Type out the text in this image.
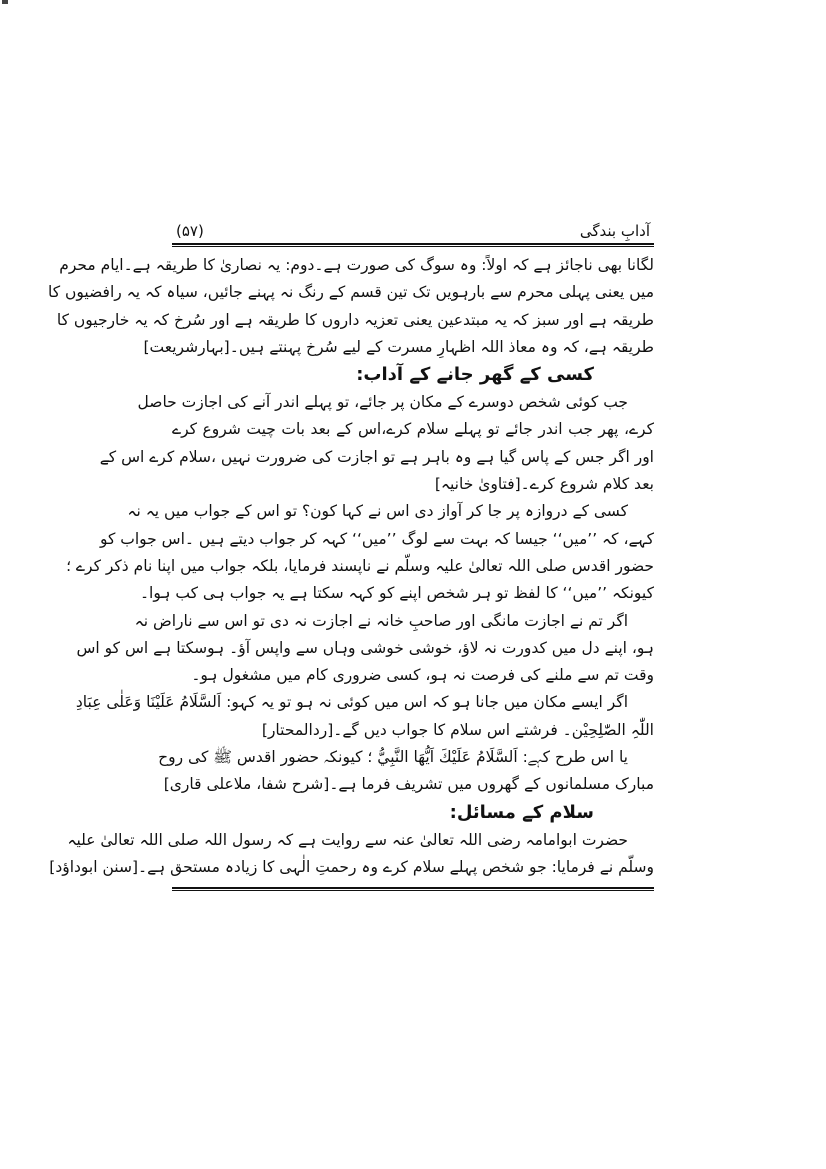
آدابِ بندگی
(۵۷)
لگانا بھی ناجائز ہے کہ اولاً: وہ سوگ کی صورت ہے۔دوم: یہ نصاریٰ کا طریقہ ہے۔ایام محرم
میں یعنی پہلی محرم سے بارہویں تک تین قسم کے رنگ نہ پہنے جائیں، سیاہ کہ یہ رافضیوں کا
طریقہ ہے اور سبز کہ یہ مبتدعین یعنی تعزیہ داروں کا طریقہ ہے اور سُرخ کہ یہ خارجیوں کا
طریقہ ہے، کہ وہ معاذ اللہ اظہارِ مسرت کے لیے سُرخ پہنتے ہیں۔[بہارشریعت]
کسی کے گھر جانے کے آداب:
جب کوئی شخص دوسرے کے مکان پر جائے، تو پہلے اندر آنے کی اجازت حاصل
کرے، پھر جب اندر جائے تو پہلے سلام کرے،اس کے بعد بات چیت شروع کرے
اور اگر جس کے پاس گیا ہے وہ باہر ہے تو اجازت کی ضرورت نہیں ،سلام کرے اس کے
بعد کلام شروع کرے۔[فتاویٰ خانیہ]
کسی کے دروازہ پر جا کر آواز دی اس نے کہا کون؟ تو اس کے جواب میں یہ نہ
کہے، کہ ’’میں‘‘ جیسا کہ بہت سے لوگ ’’میں‘‘ کہہ کر جواب دیتے ہیں ۔اس جواب کو
حضور اقدس صلی اللہ تعالیٰ علیہ وسلّم نے ناپسند فرمایا، بلکہ جواب میں اپنا نام ذکر کرے ؛
کیونکہ ’’میں‘‘ کا لفظ تو ہر شخص اپنے کو کہہ سکتا ہے یہ جواب ہی کب ہوا۔
اگر تم نے اجازت مانگی اور صاحبِ خانہ نے اجازت نہ دی تو اس سے ناراض نہ
ہو، اپنے دل میں کدورت نہ لاؤ، خوشی خوشی وہاں سے واپس آؤ۔ ہوسکتا ہے اس کو اس
وقت تم سے ملنے کی فرصت نہ ہو، کسی ضروری کام میں مشغول ہو۔
اگر ایسے مکان میں جانا ہو کہ اس میں کوئی نہ ہو تو یہ کہو: اَلسَّلَامُ عَلَيْنَا وَعَلٰى عِبَادِ
اللّٰہِ الصّٰلِحِيْن۔ فرشتے اس سلام کا جواب دیں گے۔[ردالمحتار]
یا اس طرح کہے: اَلسَّلَامُ عَلَيْكَ اَيُّهَا النَّبِيُّ ؛ کیونکہ حضور اقدس ﷺ کی روح
مبارک مسلمانوں کے گھروں میں تشریف فرما ہے۔[شرح شفا، ملاعلی قاری]
سلام کے مسائل:
حضرت ابوامامہ رضی اللہ تعالیٰ عنہ سے روایت ہے کہ رسول اللہ صلی اللہ تعالیٰ علیہ
وسلّم نے فرمایا: جو شخص پہلے سلام کرے وہ رحمتِ الٰہی کا زیادہ مستحق ہے۔[سنن ابوداؤد]
